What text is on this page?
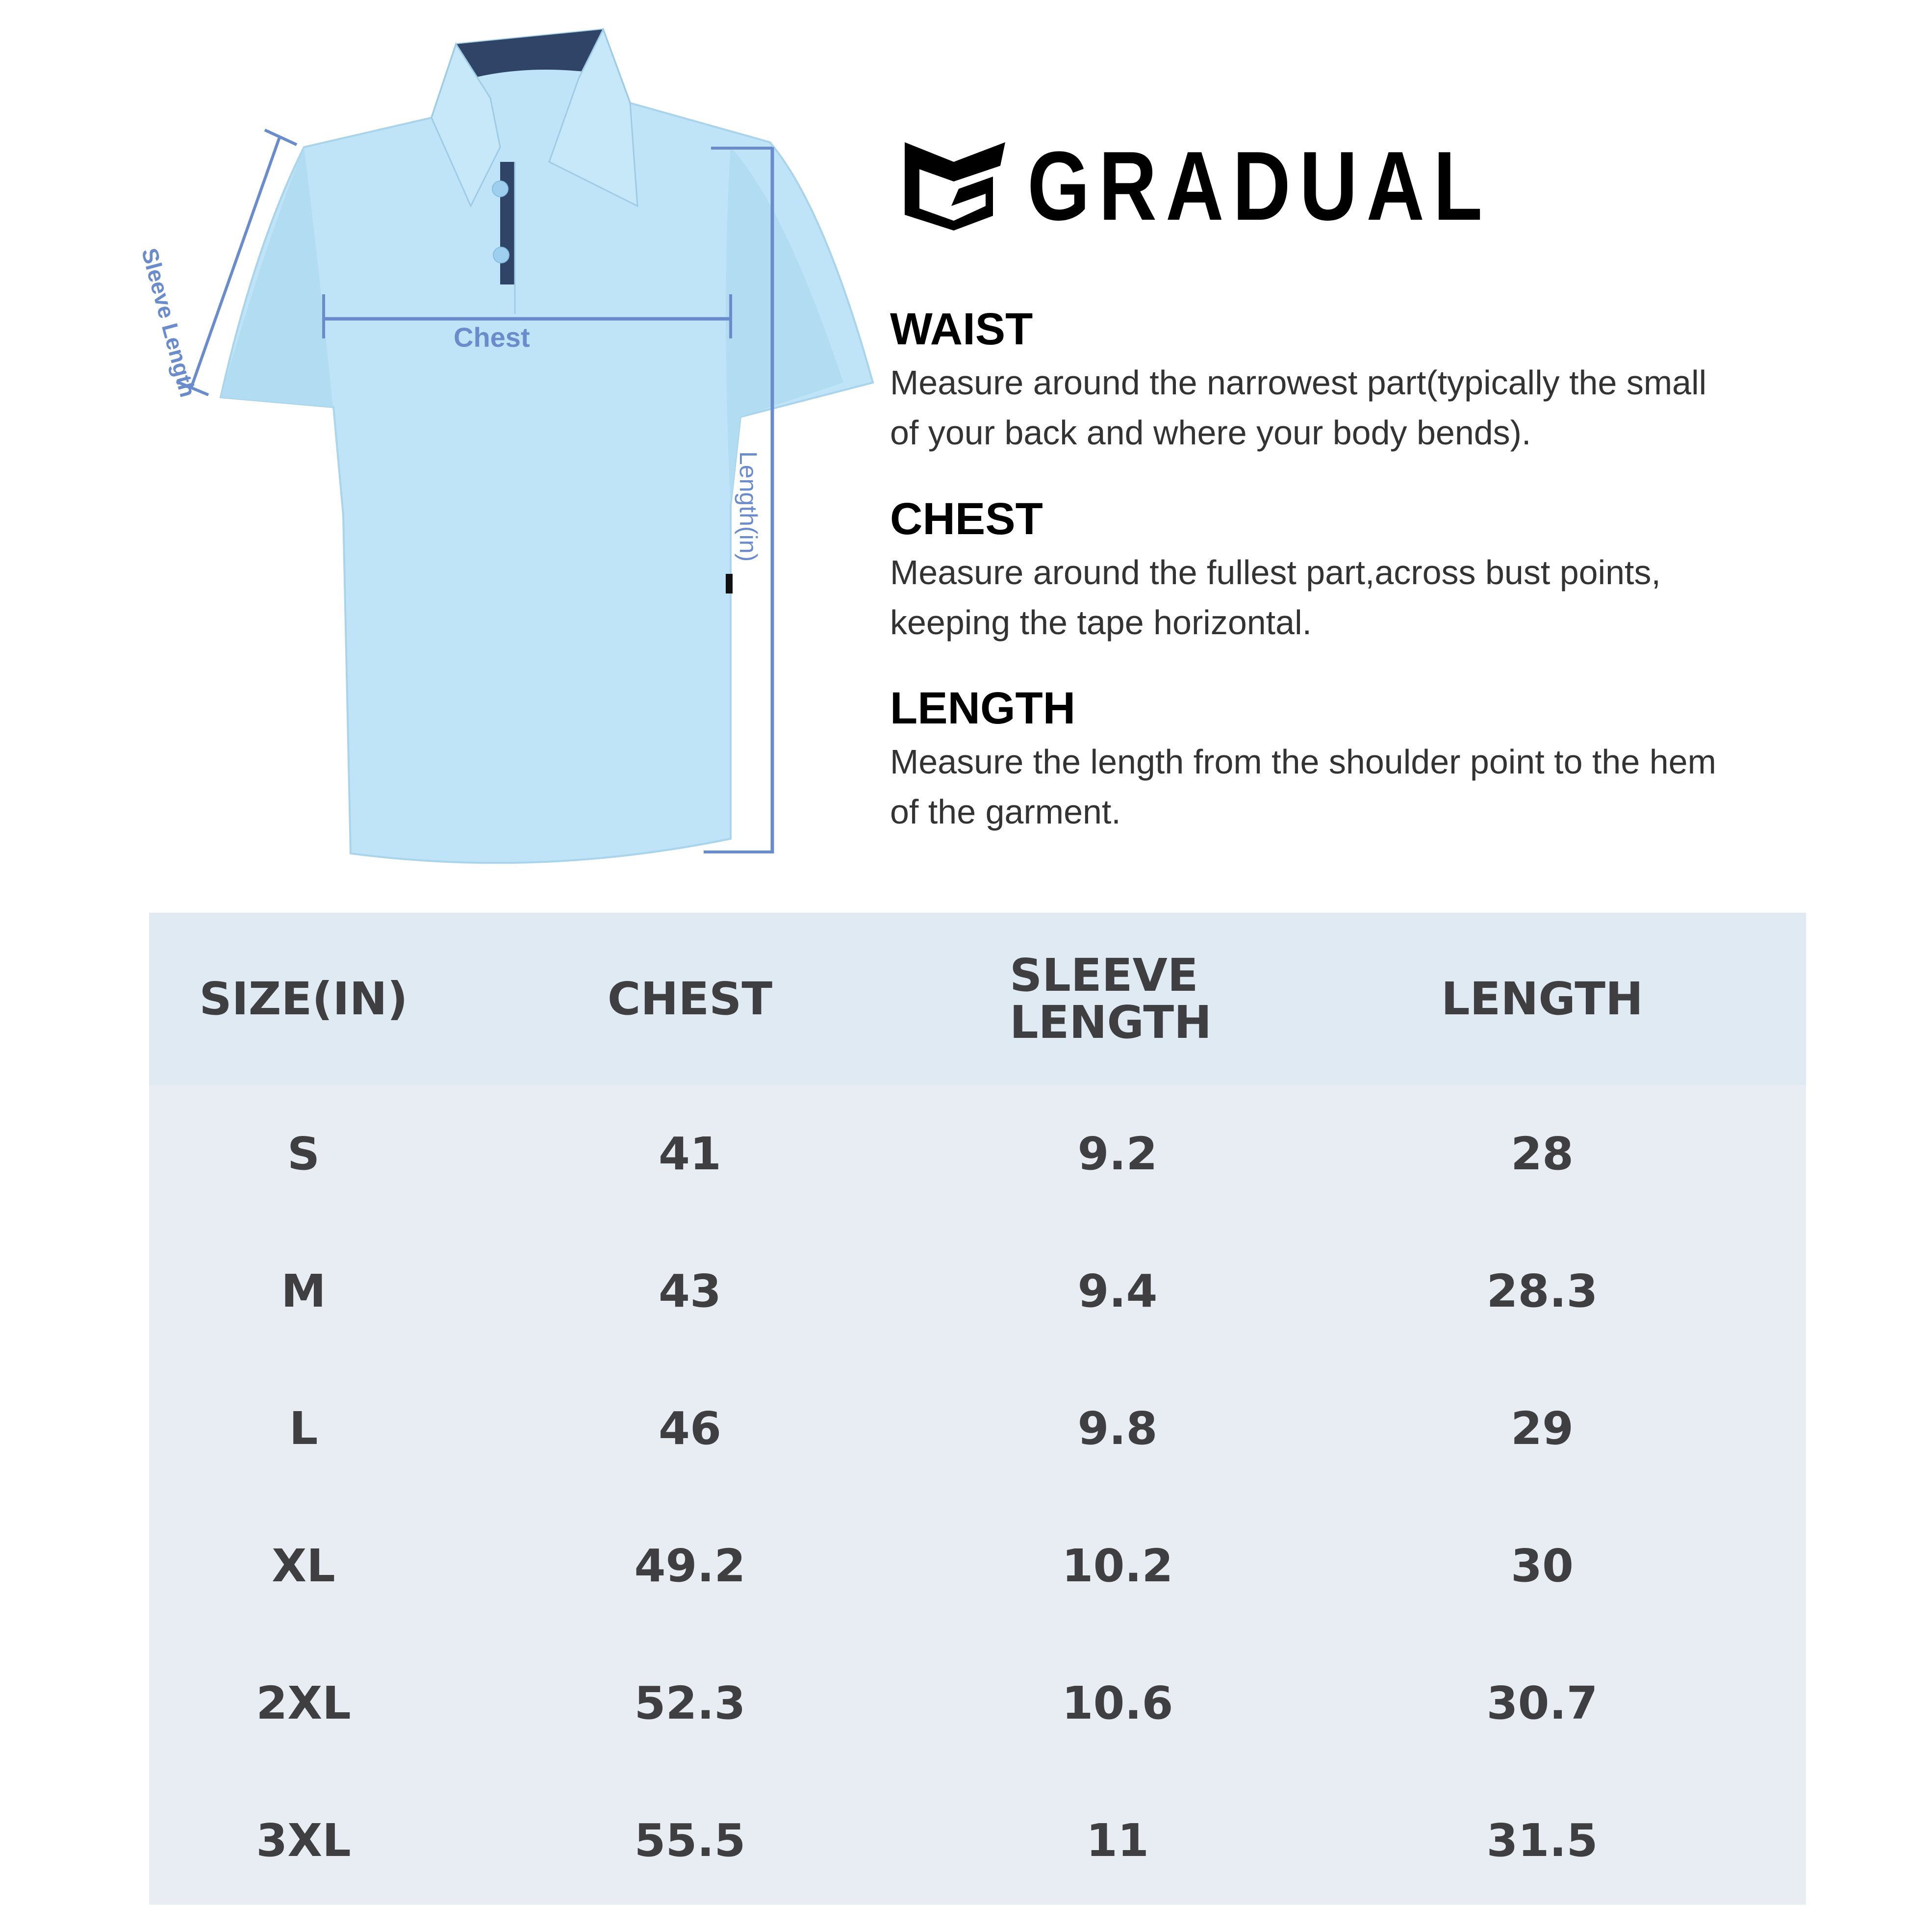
Chest
Sleeve Length
Length(in)
GRADUAL
WAIST

Measure around the narrowest part(typically the small
of your back and where your body bends).

CHEST

Measure around the fullest part,across bust points,
keeping the tape horizontal.

LENGTH

Measure the length from the shoulder point to the hem
of the garment.

SIZE(IN)	CHEST	SLEEVE
LENGTH	LENGTH
S	41	9.2	28
M	43	9.4	28.3
L	46	9.8	29
XL	49.2	10.2	30
2XL	52.3	10.6	30.7
3XL	55.5	11	31.5
